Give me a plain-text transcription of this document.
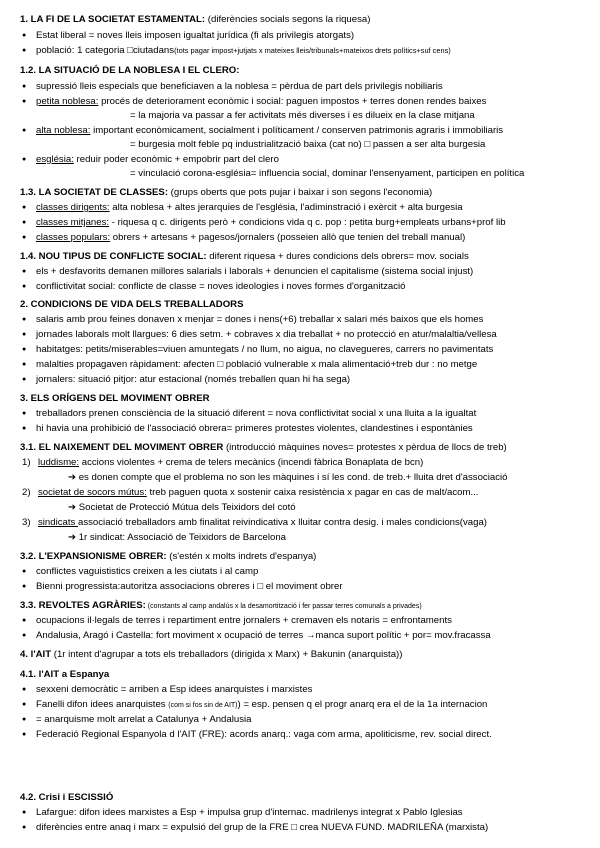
1. LA FI DE LA SOCIETAT ESTAMENTAL: (diferències socials segons la riquesa)
● Estat liberal = noves lleis imposen igualtat jurídica (fi als privilegis atorgats)
● població: 1 categoria □ciutadans(tots pagar impost+jutjats x mateixes lleis/tribunals+mateixos drets polítics+suf cens)
1.2. LA SITUACIÓ DE LA NOBLESA I EL CLERO:
● supressió lleis especials que beneficiaven a la noblesa = pèrdua de part dels privilegis nobiliaris
● petita noblesa: procés de deteriorament econòmic i social: paguen impostos + terres donen rendes baixes
= la majoria va passar a fer activitats més diverses i es dilueix en la clase mitjana
● alta noblesa: important econòmicament, socialment i políticament / conserven patrimonis agraris i immobiliaris
= burgesia molt feble pq industrialització baixa (cat no) □ passen a ser alta burgesia
● església: reduir poder econòmic + empobrir part del clero
= vinculació corona-església= influencia social, dominar l'ensenyament, participen en política
1.3. LA SOCIETAT DE CLASSES: (grups oberts que pots pujar i baixar i son segons l'economia)
● classes dirigents: alta noblesa + altes jerarquies de l'església, l'adiminstració i exèrcit + alta burgesia
● classes mitjanes: - riquesa q c. dirigents però + condicions vida q c. pop : petita burg+empleats urbans+prof lib
● classes populars: obrers + artesans + pagesos/jornalers (posseien allò que tenien del treball manual)
1.4. NOU TIPUS DE CONFLICTE SOCIAL: diferent riquesa + dures condicions dels obrers= mov. socials
● els + desfavorits demanen millores salarials i laborals + denuncien el capitalisme (sistema social injust)
● conflictivitat social: conflicte de classe = noves ideologies i noves formes d'organització
2. CONDICIONS DE VIDA DELS TREBALLADORS
● salaris amb prou feines donaven x menjar = dones i nens(+6) treballar x salari més baixos que els homes
● jornades laborals molt llargues: 6 dies setm. + cobraves x dia treballat + no protecció en atur/malaltia/vellesa
● habitatges: petits/miserables=viuen amuntegats / no llum, no aigua, no clavegueres, carrers no pavimentats
● malalties propagaven ràpidament: afecten □ població vulnerable x mala alimentació+treb dur : no metge
● jornalers: situació pitjor: atur estacional (només treballen quan hi ha sega)
3. ELS ORÍGENS DEL MOVIMENT OBRER
● treballadors prenen consciència de la situació diferent = nova conflictivitat social x una lluita a la igualtat
● hi havia una prohibició de l'associació obrera= primeres protestes violentes, clandestines i espontànies
3.1. EL NAIXEMENT DEL MOVIMENT OBRER (introducció màquines noves= protestes x pèrdua de llocs de treb)
1) luddisme: accions violentes + crema de telers mecànics (incendi fàbrica Bonaplata de bcn)
➔ es donen compte que el problema no son les màquines i sí les cond. de treb.+ lluita dret d'associació
2) societat de socors mútus: treb paguen quota x sostenir caixa resistència x pagar en cas de malt/acom...
➔ Societat de Protecció Mútua dels Teixidors del cotó
3) sindicats associació treballadors amb finalitat reivindicativa x lluitar contra desig. i males condicions(vaga)
➔ 1r sindicat: Associació de Teixidors de Barcelona
3.2. L'EXPANSIONISME OBRER: (s'estén x molts indrets d'espanya)
● conflictes vaguististics creixen a les ciutats i al camp
● Bienni progressista:autoritza associacions obreres i □ el moviment obrer
3.3. REVOLTES AGRÀRIES: (constants al camp andalús x la desamortització i fer passar terres comunals a privades)
● ocupacions il·legals de terres i repartiment entre jornalers + cremaven els notaris = enfrontaments
● Andalusia, Aragó i Castella: fort moviment x ocupació de terres →manca suport polític + por= mov.fracassa
4. l'AIT (1r intent d'agrupar a tots els treballadors (dirigida x Marx) + Bakunin (anarquista))
4.1. l'AIT a Espanya
● sexxeni democràtic = arriben a Esp idees anarquistes i marxistes
● Fanelli difon idees anarquistes (com si fos sin de AIT)) = esp. pensen q el progr anarq era el de la 1a internacion
● = anarquisme molt arrelat a Catalunya + Andalusia
● Federació Regional Espanyola d l'AIT (FRE): acords anarq.: vaga com arma, apoliticisme, rev. social direct.
4.2. Crisi i ESCISSIÓ
● Lafargue: difon idees marxistes a Esp + impulsa grup d'internac. madrilenys integrat x Pablo Iglesias
● diferències entre anaq i marx = expulsió del grup de la FRE □ crea NUEVA FUND. MADRILEÑA (marxista)
